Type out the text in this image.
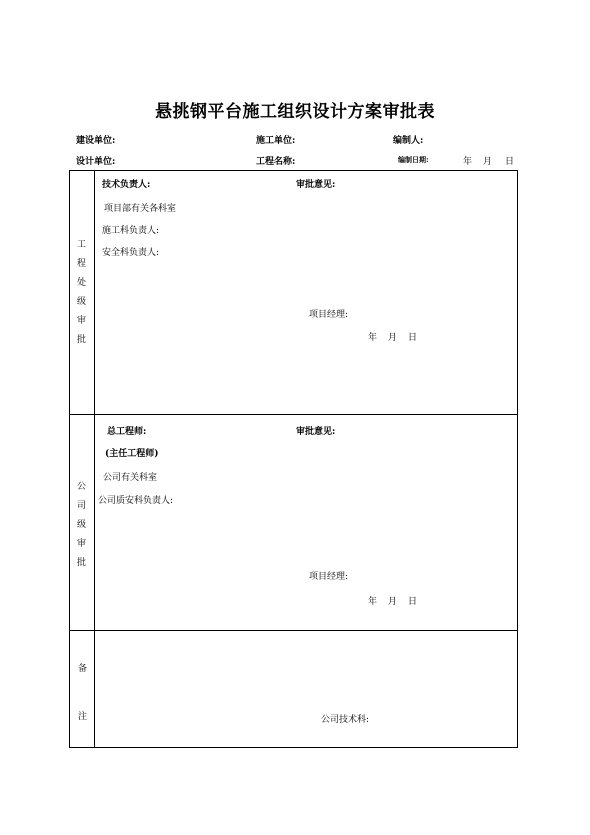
悬挑钢平台施工组织设计方案审批表
建设单位:	施工单位:	编制人:
设计单位:	工程名称:	编制日期:	年 月 日
工
程
处
级
审
批
技术负责人:	审批意见:
项目部有关各科室
施工科负责人:
安全科负责人:
项目经理:
年 月 日
公
司
级
审
批
总工程师:	审批意见:
(主任工程师)
公司有关科室
公司质安科负责人:
项目经理:
年 月 日
备
注	公司技术科:
